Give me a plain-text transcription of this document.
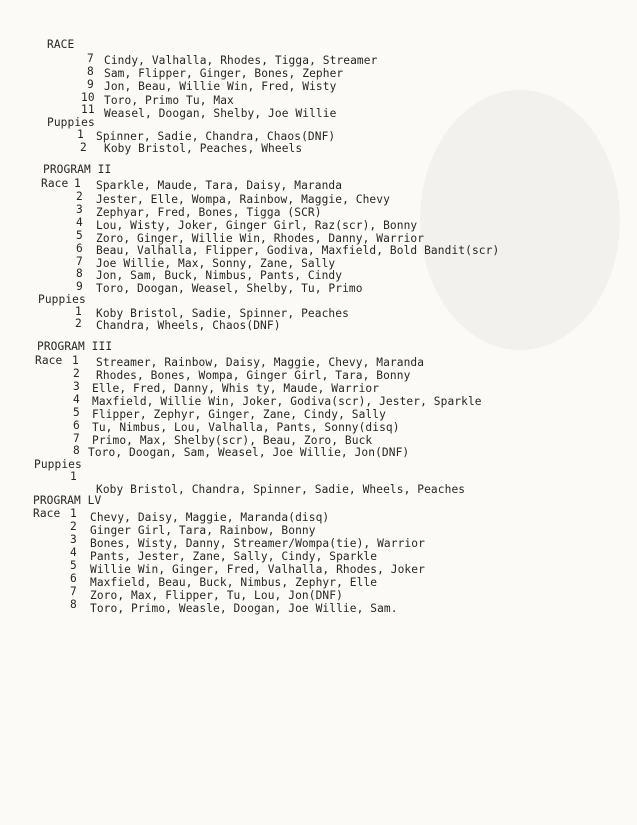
RACE
7 Cindy, Valhalla, Rhodes, Tigga, Streamer
8 Sam, Flipper, Ginger, Bones, Zepher
9 Jon, Beau, Willie Win, Fred, Wisty
10 Toro, Primo Tu, Max
11 Weasel, Doogan, Shelby, Joe Willie
Puppies
1 Spinner, Sadie, Chandra, Chaos(DNF)
2 Koby Bristol, Peaches, Wheels
PROGRAM II
Race 1 Sparkle, Maude, Tara, Daisy, Maranda
2 Jester, Elle, Wompa, Rainbow, Maggie, Chevy
3 Zephyar, Fred, Bones, Tigga (SCR)
4 Lou, Wisty, Joker, Ginger Girl, Raz(scr), Bonny
5 Zoro, Ginger, Willie Win, Rhodes, Danny, Warrior
6 Beau, Valhalla, Flipper, Godiva, Maxfield, Bold Bandit(scr)
7 Joe Willie, Max, Sonny, Zane, Sally
8 Jon, Sam, Buck, Nimbus, Pants, Cindy
9 Toro, Doogan, Weasel, Shelby, Tu, Primo
Puppies
1 Koby Bristol, Sadie, Spinner, Peaches
2 Chandra, Wheels, Chaos(DNF)
PROGRAM III
Race 1 Streamer, Rainbow, Daisy, Maggie, Chevy, Maranda
2 Rhodes, Bones, Wompa, Ginger Girl, Tara, Bonny
3 Elle, Fred, Danny, Whis ty, Maude, Warrior
4 Maxfield, Willie Win, Joker, Godiva(scr), Jester, Sparkle
5 Flipper, Zephyr, Ginger, Zane, Cindy, Sally
6 Tu, Nimbus, Lou, Valhalla, Pants, Sonny(disq)
7 Primo, Max, Shelby(scr), Beau, Zoro, Buck
8 Toro, Doogan, Sam, Weasel, Joe Willie, Jon(DNF)
Puppies
1
Koby Bristol, Chandra, Spinner, Sadie, Wheels, Peaches
PROGRAM LV
Race 1 Chevy, Daisy, Maggie, Maranda(disq)
2 Ginger Girl, Tara, Rainbow, Bonny
3 Bones, Wisty, Danny, Streamer/Wompa(tie), Warrior
4 Pants, Jester, Zane, Sally, Cindy, Sparkle
5 Willie Win, Ginger, Fred, Valhalla, Rhodes, Joker
6 Maxfield, Beau, Buck, Nimbus, Zephyr, Elle
7 Zoro, Max, Flipper, Tu, Lou, Jon(DNF)
8 Toro, Primo, Weasle, Doogan, Joe Willie, Sam.
